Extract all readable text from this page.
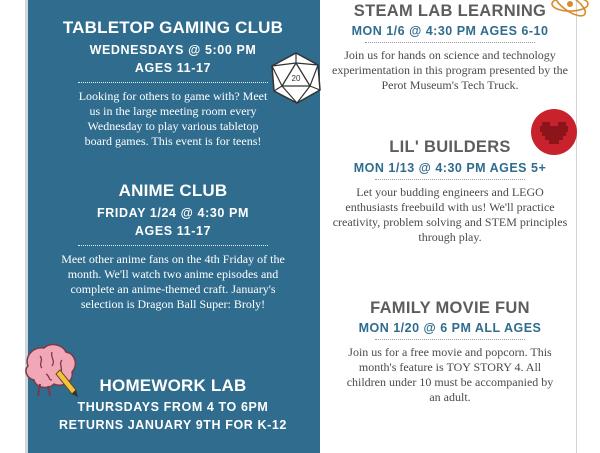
TABLETOP GAMING CLUB
WEDNESDAYS @ 5:00 PM
AGES 11-17
Looking for others to game with? Meet us in the large meeting room every Wednesday to play various tabletop board games. This event is for teens!
ANIME CLUB
FRIDAY 1/24 @ 4:30 PM
AGES 11-17
Meet other anime fans on the 4th Friday of the month. We'll watch two anime episodes and complete an anime-themed craft. January's selection is Dragon Ball Super: Broly!
HOMEWORK LAB
THURSDAYS FROM 4 TO 6PM
RETURNS JANUARY 9TH FOR K-12
STEAM LAB LEARNING
MON 1/6 @ 4:30 PM AGES 6-10
Join us for hands on science and technology experimentation in this program presented by the Perot Museum's Tech Truck.
LIL' BUILDERS
MON 1/13 @ 4:30 PM AGES 5+
Let your budding engineers and LEGO enthusiasts freebuild with us! We'll practice creativity, problem solving and STEM principles through play.
FAMILY MOVIE FUN
MON 1/20 @ 6 PM ALL AGES
Join us for a free movie and popcorn. This month's feature is TOY STORY 4. All children under 10 must be accompanied by an adult.
20
